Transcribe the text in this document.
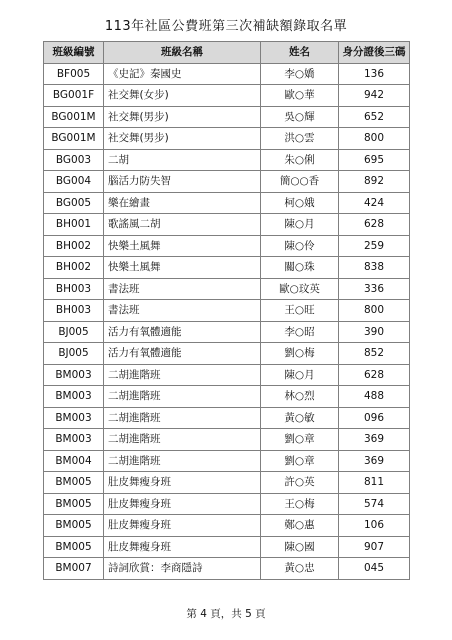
113年社區公費班第三次補缺額錄取名單
班級編號	班級名稱	姓名	身分證後三碼
BF005	《史記》秦國史	李○嬌	136
BG001F	社交舞(女步)	歐○華	942
BG001M	社交舞(男步)	吳○輝	652
BG001M	社交舞(男步)	洪○雲	800
BG003	二胡	朱○俐	695
BG004	腦活力防失智	簡○○香	892
BG005	樂在繪畫	柯○娥	424
BH001	歌謠風二胡	陳○月	628
BH002	快樂土風舞	陳○伶	259
BH002	快樂土風舞	關○珠	838
BH003	書法班	歐○玟英	336
BH003	書法班	王○旺	800
BJ005	活力有氧體適能	李○昭	390
BJ005	活力有氧體適能	劉○梅	852
BM003	二胡進階班	陳○月	628
BM003	二胡進階班	林○烈	488
BM003	二胡進階班	黃○敏	096
BM003	二胡進階班	劉○章	369
BM004	二胡進階班	劉○章	369
BM005	肚皮舞瘦身班	許○英	811
BM005	肚皮舞瘦身班	王○梅	574
BM005	肚皮舞瘦身班	鄭○惠	106
BM005	肚皮舞瘦身班	陳○國	907
BM007	詩詞欣賞：李商隱詩	黃○忠	045
第 4 頁，共 5 頁
